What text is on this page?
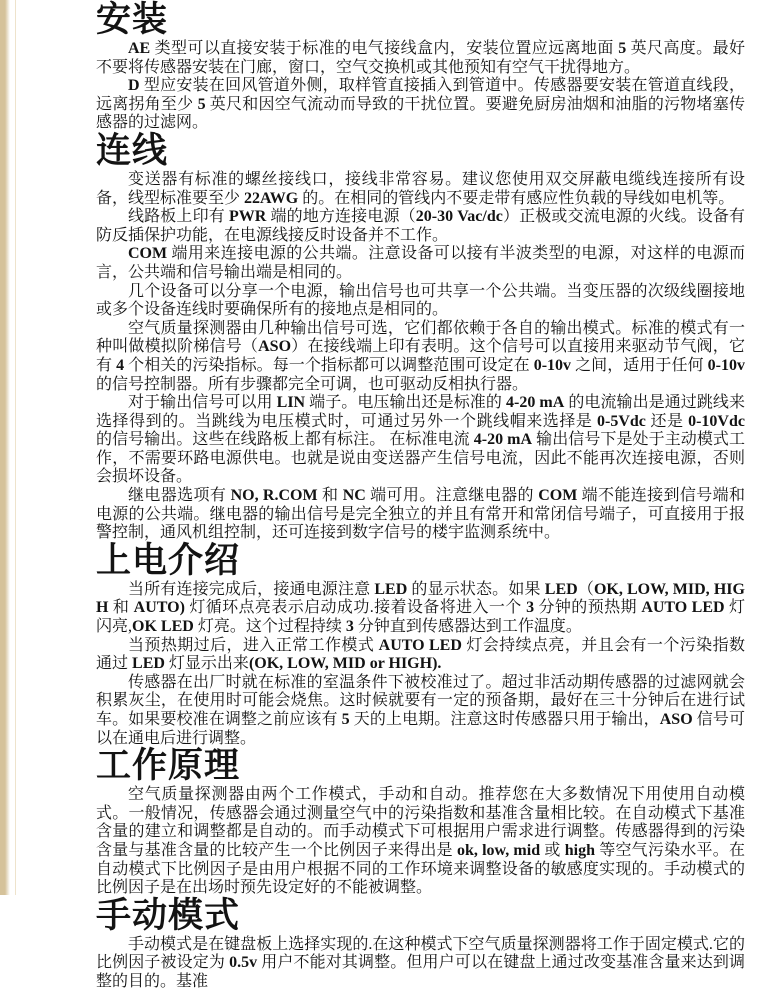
安装

AE 类型可以直接安装于标准的电气接线盒内，安装位置应远离地面 5 英尺高度。最好不要将传感器安装在门廊，窗口，空气交换机或其他预知有空气干扰得地方。

D 型应安装在回风管道外侧，取样管直接插入到管道中。传感器要安装在管道直线段，远离拐角至少 5 英尺和因空气流动而导致的干扰位置。要避免厨房油烟和油脂的污物堵塞传感器的过滤网。

连线

变送器有标准的螺丝接线口，接线非常容易。建议您使用双交屏蔽电缆线连接所有设备，线型标准要至少 22AWG 的。在相同的管线内不要走带有感应性负载的导线如电机等。

线路板上印有 PWR 端的地方连接电源（20-30 Vac/dc）正极或交流电源的火线。设备有防反插保护功能，在电源线接反时设备并不工作。

COM 端用来连接电源的公共端。注意设备可以接有半波类型的电源，对这样的电源而言，公共端和信号输出端是相同的。

几个设备可以分享一个电源，输出信号也可共享一个公共端。当变压器的次级线圈接地或多个设备连线时要确保所有的接地点是相同的。

空气质量探测器由几种输出信号可选，它们都依赖于各自的输出模式。标准的模式有一种叫做模拟阶梯信号（ASO）在接线端上印有表明。这个信号可以直接用来驱动节气阀，它有 4 个相关的污染指标。每一个指标都可以调整范围可设定在 0-10v 之间，适用于任何 0-10v 的信号控制器。所有步骤都完全可调，也可驱动反相执行器。

对于输出信号可以用 LIN 端子。电压输出还是标准的 4-20 mA 的电流输出是通过跳线来选择得到的。当跳线为电压模式时，可通过另外一个跳线帽来选择是 0-5Vdc 还是 0-10Vdc 的信号输出。这些在线路板上都有标注。 在标准电流 4-20 mA 输出信号下是处于主动模式工作，不需要环路电源供电。也就是说由变送器产生信号电流，因此不能再次连接电源，否则会损坏设备。

继电器选项有 NO, R.COM 和 NC 端可用。注意继电器的 COM 端不能连接到信号端和电源的公共端。继电器的输出信号是完全独立的并且有常开和常闭信号端子，可直接用于报警控制，通风机组控制，还可连接到数字信号的楼宇监测系统中。

上电介绍

当所有连接完成后，接通电源注意 LED 的显示状态。如果 LED（OK, LOW, MID, HIGH 和 AUTO) 灯循环点亮表示启动成功.接着设备将进入一个 3 分钟的预热期 AUTO LED 灯闪亮,OK LED 灯亮。这个过程持续 3 分钟直到传感器达到工作温度。

当预热期过后，进入正常工作模式 AUTO LED 灯会持续点亮，并且会有一个污染指数通过 LED 灯显示出来(OK, LOW, MID or HIGH).

传感器在出厂时就在标准的室温条件下被校准过了。超过非活动期传感器的过滤网就会积累灰尘，在使用时可能会烧焦。这时候就要有一定的预备期，最好在三十分钟后在进行试车。如果要校准在调整之前应该有 5 天的上电期。注意这时传感器只用于输出，ASO 信号可以在通电后进行调整。

工作原理

空气质量探测器由两个工作模式，手动和自动。推荐您在大多数情况下用使用自动模式。一般情况，传感器会通过测量空气中的污染指数和基准含量相比较。在自动模式下基准含量的建立和调整都是自动的。而手动模式下可根据用户需求进行调整。传感器得到的污染含量与基准含量的比较产生一个比例因子来得出是 ok, low, mid 或 high 等空气污染水平。在自动模式下比例因子是由用户根据不同的工作环境来调整设备的敏感度实现的。手动模式的比例因子是在出场时预先设定好的不能被调整。

手动模式

手动模式是在键盘板上选择实现的.在这种模式下空气质量探测器将工作于固定模式.它的比例因子被设定为 0.5v 用户不能对其调整。但用户可以在键盘上通过改变基准含量来达到调整的目的。基准
